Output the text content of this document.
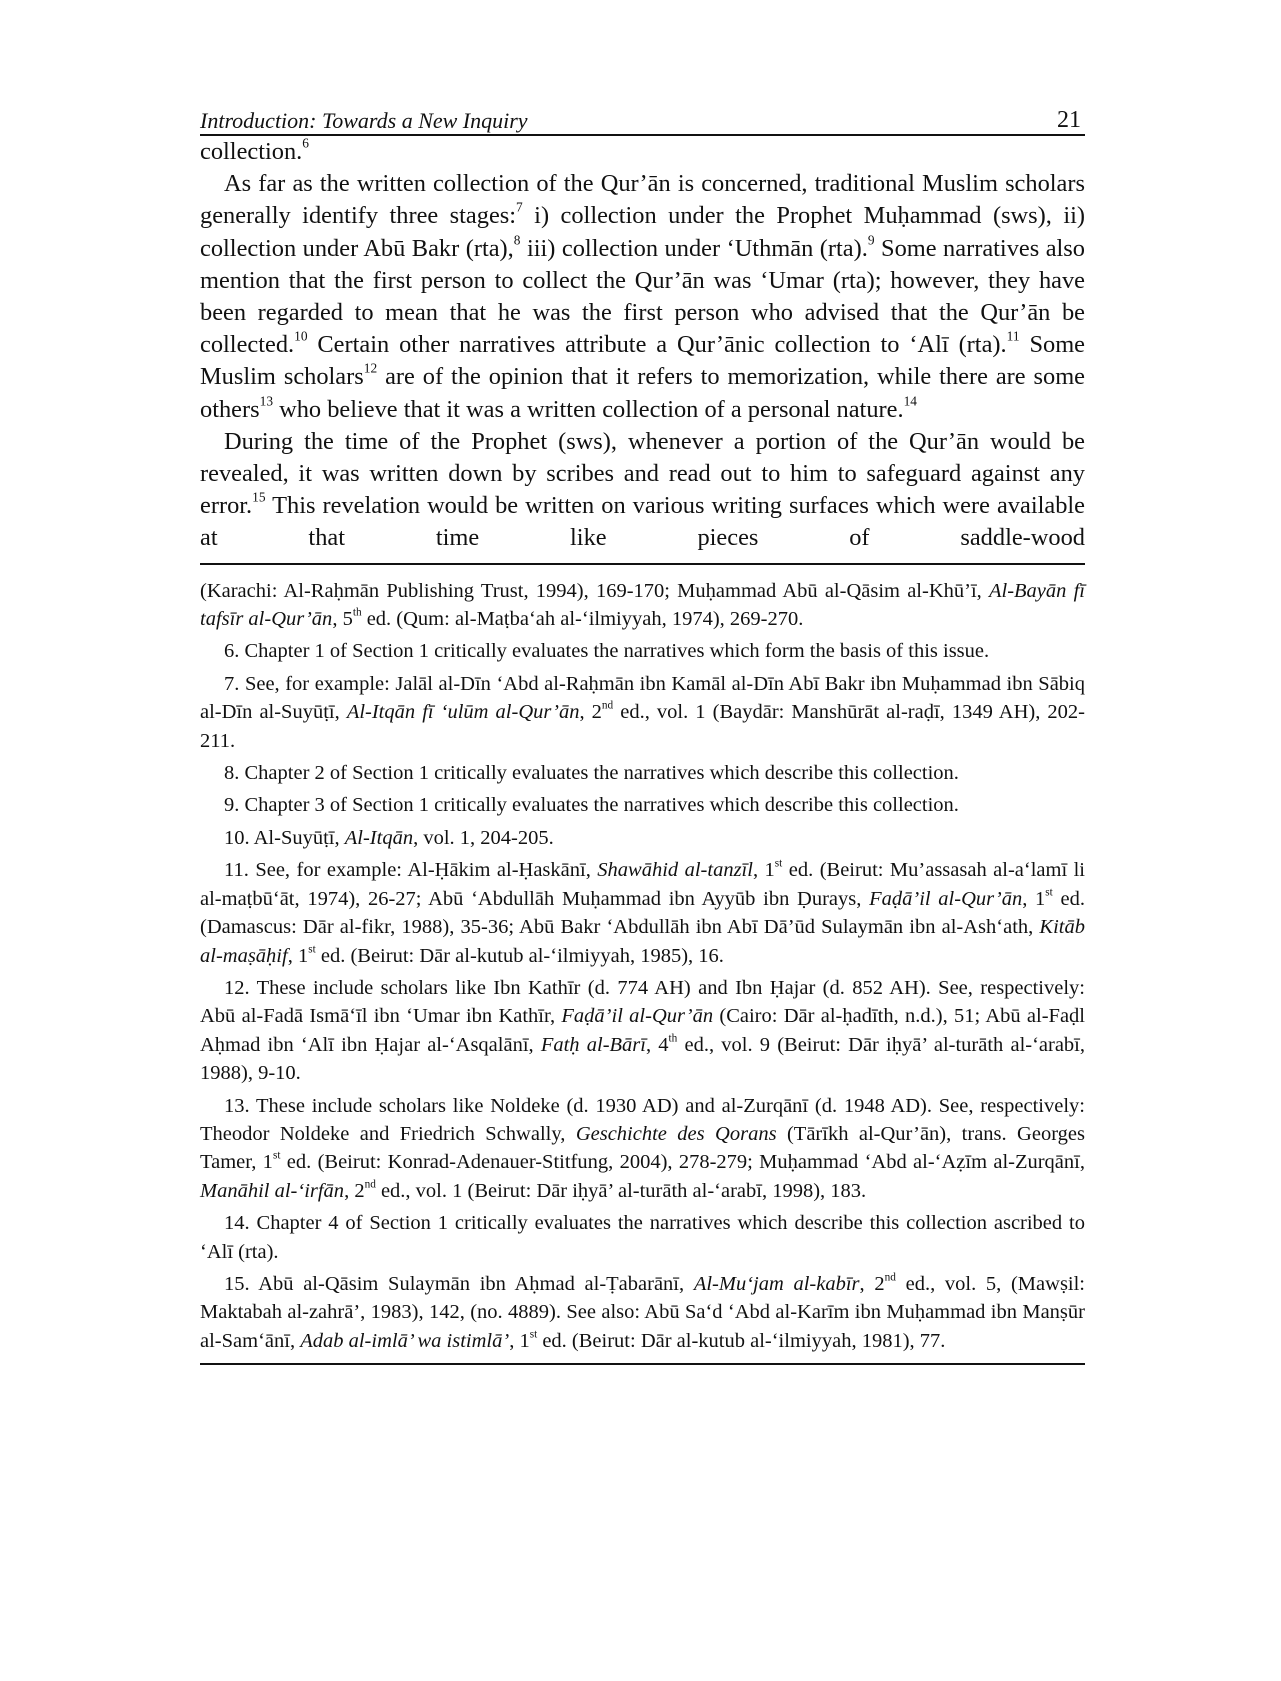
Introduction: Towards a New Inquiry	21

collection.$^6$

As far as the written collection of the Qur’ān is concerned, traditional Muslim scholars generally identify three stages:$^7$ i) collection under the Prophet Muḥammad (sws), ii) collection under Abū Bakr (rta),$^8$ iii) collection under ‘Uthmān (rta).$^9$ Some narratives also mention that the first person to collect the Qur’ān was ‘Umar (rta); however, they have been regarded to mean that he was the first person who advised that the Qur’ān be collected.$^{10}$ Certain other narratives attribute a Qur’ānic collection to ‘Alī (rta).$^{11}$ Some Muslim scholars$^{12}$ are of the opinion that it refers to memorization, while there are some others$^{13}$ who believe that it was a written collection of a personal nature.$^{14}$

During the time of the Prophet (sws), whenever a portion of the Qur’ān would be revealed, it was written down by scribes and read out to him to safeguard against any error.$^{15}$ This revelation would be written on various writing surfaces which were available at that time like pieces of saddle-wood

(Karachi: Al-Raḥmān Publishing Trust, 1994), 169-170; Muḥammad Abū al-Qāsim al-Khū’ī, Al-Bayān fī tafsīr al-Qur’ān, 5th ed. (Qum: al-Maṭba‘ah al-‘ilmiyyah, 1974), 269-270.

6. Chapter 1 of Section 1 critically evaluates the narratives which form the basis of this issue.

7. See, for example: Jalāl al-Dīn ‘Abd al-Raḥmān ibn Kamāl al-Dīn Abī Bakr ibn Muḥammad ibn Sābiq al-Dīn al-Suyūṭī, Al-Itqān fī ‘ulūm al-Qur’ān, 2nd ed., vol. 1 (Baydār: Manshūrāt al-raḍī, 1349 AH), 202-211.

8. Chapter 2 of Section 1 critically evaluates the narratives which describe this collection.

9. Chapter 3 of Section 1 critically evaluates the narratives which describe this collection.

10. Al-Suyūṭī, Al-Itqān, vol. 1, 204-205.

11. See, for example: Al-Ḥākim al-Ḥaskānī, Shawāhid al-tanzīl, 1st ed. (Beirut: Mu’assasah al-a‘lamī li al-maṭbū‘āt, 1974), 26-27; Abū ‘Abdullāh Muḥammad ibn Ayyūb ibn Ḍurays, Faḍā’il al-Qur’ān, 1st ed. (Damascus: Dār al-fikr, 1988), 35-36; Abū Bakr ‘Abdullāh ibn Abī Dā’ūd Sulaymān ibn al-Ash‘ath, Kitāb al-maṣāḥif, 1st ed. (Beirut: Dār al-kutub al-‘ilmiyyah, 1985), 16.

12. These include scholars like Ibn Kathīr (d. 774 AH) and Ibn Ḥajar (d. 852 AH). See, respectively: Abū al-Fadā Ismā‘īl ibn ‘Umar ibn Kathīr, Faḍā’il al-Qur’ān (Cairo: Dār al-ḥadīth, n.d.), 51; Abū al-Faḍl Aḥmad ibn ‘Alī ibn Ḥajar al-‘Asqalānī, Fatḥ al-Bārī, 4th ed., vol. 9 (Beirut: Dār iḥyā’ al-turāth al-‘arabī, 1988), 9-10.

13. These include scholars like Noldeke (d. 1930 AD) and al-Zurqānī (d. 1948 AD). See, respectively: Theodor Noldeke and Friedrich Schwally, Geschichte des Qorans (Tārīkh al-Qur’ān), trans. Georges Tamer, 1st ed. (Beirut: Konrad-Adenauer-Stitfung, 2004), 278-279; Muḥammad ‘Abd al-‘Aẓīm al-Zurqānī, Manāhil al-‘irfān, 2nd ed., vol. 1 (Beirut: Dār iḥyā’ al-turāth al-‘arabī, 1998), 183.

14. Chapter 4 of Section 1 critically evaluates the narratives which describe this collection ascribed to ‘Alī (rta).

15. Abū al-Qāsim Sulaymān ibn Aḥmad al-Ṭabarānī, Al-Mu‘jam al-kabīr, 2nd ed., vol. 5, (Mawṣil: Maktabah al-zahrā’, 1983), 142, (no. 4889). See also: Abū Sa‘d ‘Abd al-Karīm ibn Muḥammad ibn Manṣūr al-Sam‘ānī, Adab al-imlā’ wa istimlā’, 1st ed. (Beirut: Dār al-kutub al-‘ilmiyyah, 1981), 77.
